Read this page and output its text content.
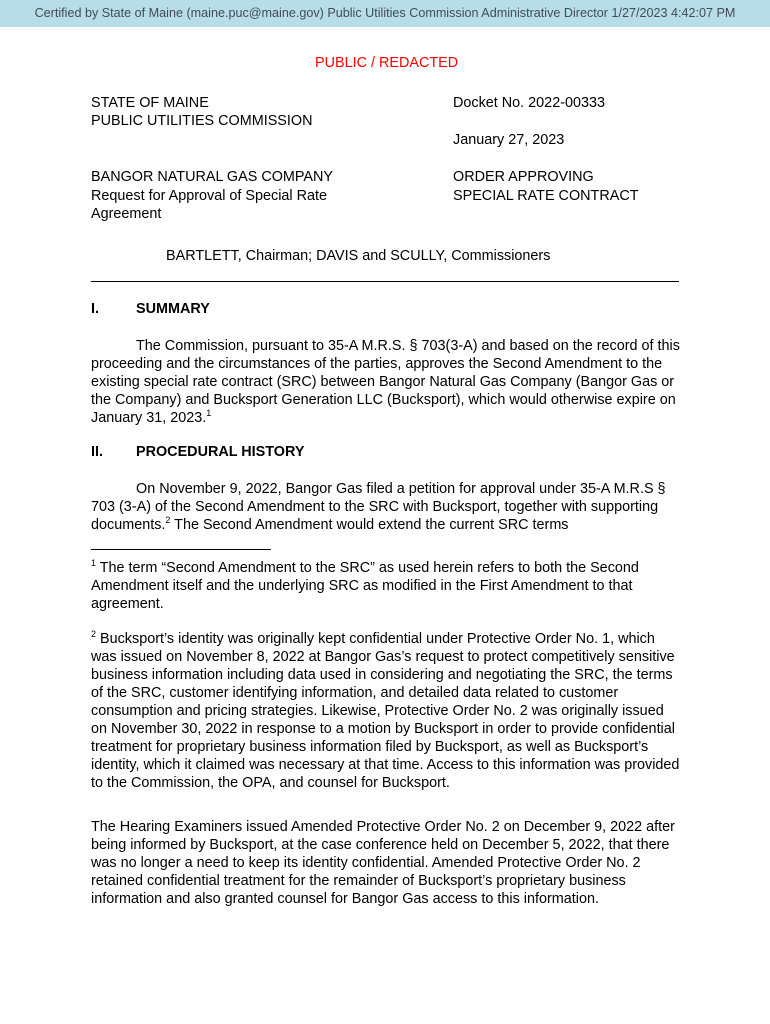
Certified by State of Maine (maine.puc@maine.gov) Public Utilities Commission Administrative Director 1/27/2023 4:42:07 PM
PUBLIC / REDACTED
STATE OF MAINE
PUBLIC UTILITIES COMMISSION
Docket No. 2022-00333
January 27, 2023
BANGOR NATURAL GAS COMPANY
Request for Approval of Special Rate
Agreement
ORDER APPROVING
SPECIAL RATE CONTRACT
BARTLETT, Chairman; DAVIS and SCULLY, Commissioners
I.	SUMMARY
The Commission, pursuant to 35-A M.R.S. § 703(3-A) and based on the record of this proceeding and the circumstances of the parties, approves the Second Amendment to the existing special rate contract (SRC) between Bangor Natural Gas Company (Bangor Gas or the Company) and Bucksport Generation LLC (Bucksport), which would otherwise expire on January 31, 2023.$^1$
II. PROCEDURAL HISTORY
On November 9, 2022, Bangor Gas filed a petition for approval under 35-A M.R.S § 703 (3-A) of the Second Amendment to the SRC with Bucksport, together with supporting documents.$^2$ The Second Amendment would extend the current SRC terms
$^1$ The term “Second Amendment to the SRC” as used herein refers to both the Second Amendment itself and the underlying SRC as modified in the First Amendment to that agreement.
$^2$ Bucksport’s identity was originally kept confidential under Protective Order No. 1, which was issued on November 8, 2022 at Bangor Gas’s request to protect competitively sensitive business information including data used in considering and negotiating the SRC, the terms of the SRC, customer identifying information, and detailed data related to customer consumption and pricing strategies. Likewise, Protective Order No. 2 was originally issued on November 30, 2022 in response to a motion by Bucksport in order to provide confidential treatment for proprietary business information filed by Bucksport, as well as Bucksport’s identity, which it claimed was necessary at that time. Access to this information was provided to the Commission, the OPA, and counsel for Bucksport.
The Hearing Examiners issued Amended Protective Order No. 2 on December 9, 2022 after being informed by Bucksport, at the case conference held on December 5, 2022, that there was no longer a need to keep its identity confidential. Amended Protective Order No. 2 retained confidential treatment for the remainder of Bucksport’s proprietary business information and also granted counsel for Bangor Gas access to this information.
